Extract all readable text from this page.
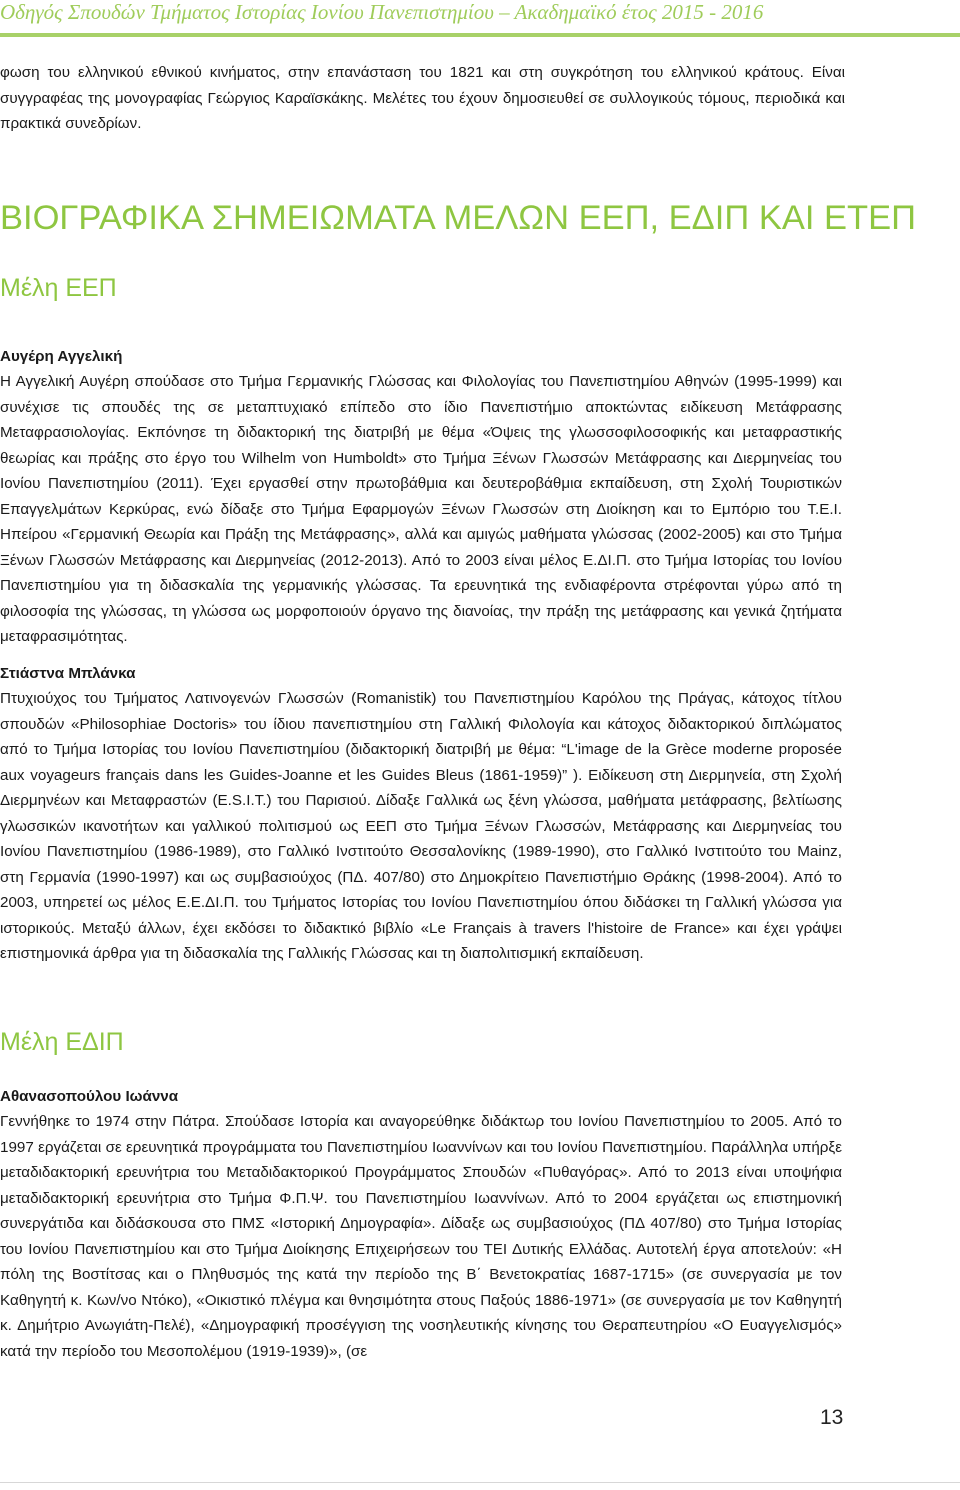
Οδηγός Σπουδών Τμήματος Ιστορίας Ιονίου Πανεπιστημίου – Ακαδημαϊκό έτος 2015 - 2016

φωση του ελληνικού εθνικού κινήματος, στην επανάσταση του 1821 και στη συγκρότηση του ελληνικού κράτους. Είναι συγγραφέας της μονογραφίας Γεώργιος Καραϊσκάκης. Μελέτες του έχουν δημοσιευθεί σε συλλογικούς τόμους, περιοδικά και πρακτικά συνεδρίων.

ΒΙΟΓΡΑΦΙΚΑ ΣΗΜΕΙΩΜΑΤΑ ΜΕΛΩΝ ΕΕΠ, ΕΔΙΠ ΚΑΙ ΕΤΕΠ
Μέλη ΕΕΠ

Αυγέρη Αγγελική

Η Αγγελική Αυγέρη σπούδασε στο Τμήμα Γερμανικής Γλώσσας και Φιλολογίας του Πανεπιστημίου Αθηνών (1995-1999) και συνέχισε τις σπουδές της σε μεταπτυχιακό επίπεδο στο ίδιο Πανεπιστήμιο αποκτώντας ειδίκευση Μετάφρασης Μεταφρασιολογίας. Εκπόνησε τη διδακτορική της διατριβή με θέμα «Όψεις της γλωσσοφιλοσοφικής και μεταφραστικής θεωρίας και πράξης στο έργο του Wilhelm von Humboldt» στο Τμήμα Ξένων Γλωσσών Μετάφρασης και Διερμηνείας του Ιονίου Πανεπιστημίου (2011). Έχει εργασθεί στην πρωτοβάθμια και δευτεροβάθμια εκπαίδευση, στη Σχολή Τουριστικών Επαγγελμάτων Κερκύρας, ενώ δίδαξε στο Τμήμα Εφαρμογών Ξένων Γλωσσών στη Διοίκηση και το Εμπόριο του Τ.Ε.Ι. Ηπείρου «Γερμανική Θεωρία και Πράξη της Μετάφρασης», αλλά και αμιγώς μαθήματα γλώσσας (2002-2005) και στο Τμήμα Ξένων Γλωσσών Μετάφρασης και Διερμηνείας (2012-2013). Από το 2003 είναι μέλος Ε.ΔΙ.Π. στο Τμήμα Ιστορίας του Ιονίου Πανεπιστημίου για τη διδασκαλία της γερμανικής γλώσσας. Τα ερευνητικά της ενδιαφέροντα στρέφονται γύρω από τη φιλοσοφία της γλώσσας, τη γλώσσα ως μορφοποιούν όργανο της διανοίας, την πράξη της μετάφρασης και γενικά ζητήματα μεταφρασιμότητας.

Στιάστνα Μπλάνκα

Πτυχιούχος του Τμήματος Λατινογενών Γλωσσών (Romanistik) του Πανεπιστημίου Καρόλου της Πράγας, κάτοχος τίτλου σπουδών «Philosophiae Doctoris» του ίδιου πανεπιστημίου στη Γαλλική Φιλολογία και κάτοχος διδακτορικού διπλώματος από το Τμήμα Ιστορίας του Ιονίου Πανεπιστημίου (διδακτορική διατριβή με θέμα: “L'image de la Grèce moderne proposée aux voyageurs français dans les Guides-Joanne et les Guides Bleus (1861-1959)” ). Ειδίκευση στη Διερμηνεία, στη Σχολή Διερμηνέων και Μεταφραστών (E.S.I.T.) του Παρισιού. Δίδαξε Γαλλικά ως ξένη γλώσσα, μαθήματα μετάφρασης, βελτίωσης γλωσσικών ικανοτήτων και γαλλικού πολιτισμού ως ΕΕΠ στο Τμήμα Ξένων Γλωσσών, Μετάφρασης και Διερμηνείας του Ιονίου Πανεπιστημίου (1986-1989), στο Γαλλικό Ινστιτούτο Θεσσαλονίκης (1989-1990), στο Γαλλικό Ινστιτούτο του Mainz, στη Γερμανία (1990-1997) και ως συμβασιούχος (ΠΔ. 407/80) στο Δημοκρίτειο Πανεπιστήμιο Θράκης (1998-2004). Από το 2003, υπηρετεί ως μέλος Ε.Ε.ΔΙ.Π. του Τμήματος Ιστορίας του Ιονίου Πανεπιστημίου όπου διδάσκει τη Γαλλική γλώσσα για ιστορικούς. Μεταξύ άλλων, έχει εκδόσει το διδακτικό βιβλίο «Le Français à travers l'histoire de France» και έχει γράψει επιστημονικά άρθρα για τη διδασκαλία της Γαλλικής Γλώσσας και τη διαπολιτισμική εκπαίδευση.

Μέλη ΕΔΙΠ

Αθανασοπούλου Ιωάννα

Γεννήθηκε το 1974 στην Πάτρα. Σπούδασε Ιστορία και αναγορεύθηκε διδάκτωρ του Ιονίου Πανεπιστημίου το 2005. Από το 1997 εργάζεται σε ερευνητικά προγράμματα του Πανεπιστημίου Ιωαννίνων και του Ιονίου Πανεπιστημίου. Παράλληλα υπήρξε μεταδιδακτορική ερευνήτρια του Μεταδιδακτορικού Προγράμματος Σπουδών «Πυθαγόρας». Από το 2013 είναι υποψήφια μεταδιδακτορική ερευνήτρια στο Τμήμα Φ.Π.Ψ. του Πανεπιστημίου Ιωαννίνων. Από το 2004 εργάζεται ως επιστημονική συνεργάτιδα και διδάσκουσα στο ΠΜΣ «Ιστορική Δημογραφία». Δίδαξε ως συμβασιούχος (ΠΔ 407/80) στο Τμήμα Ιστορίας του Ιονίου Πανεπιστημίου και στο Τμήμα Διοίκησης Επιχειρήσεων του ΤΕΙ Δυτικής Ελλάδας. Αυτοτελή έργα αποτελούν: «Η πόλη της Βοστίτσας και ο Πληθυσμός της κατά την περίοδο της Β΄ Βενετοκρατίας 1687-1715» (σε συνεργασία με τον Καθηγητή κ. Κων/νο Ντόκο), «Οικιστικό πλέγμα και θνησιμότητα στους Παξούς 1886-1971» (σε συνεργασία με τον Καθηγητή κ. Δημήτριο Ανωγιάτη-Πελέ), «Δημογραφική προσέγγιση της νοσηλευτικής κίνησης του Θεραπευτηρίου «Ο Ευαγγελισμός» κατά την περίοδο του Μεσοπολέμου (1919-1939)», (σε

13
